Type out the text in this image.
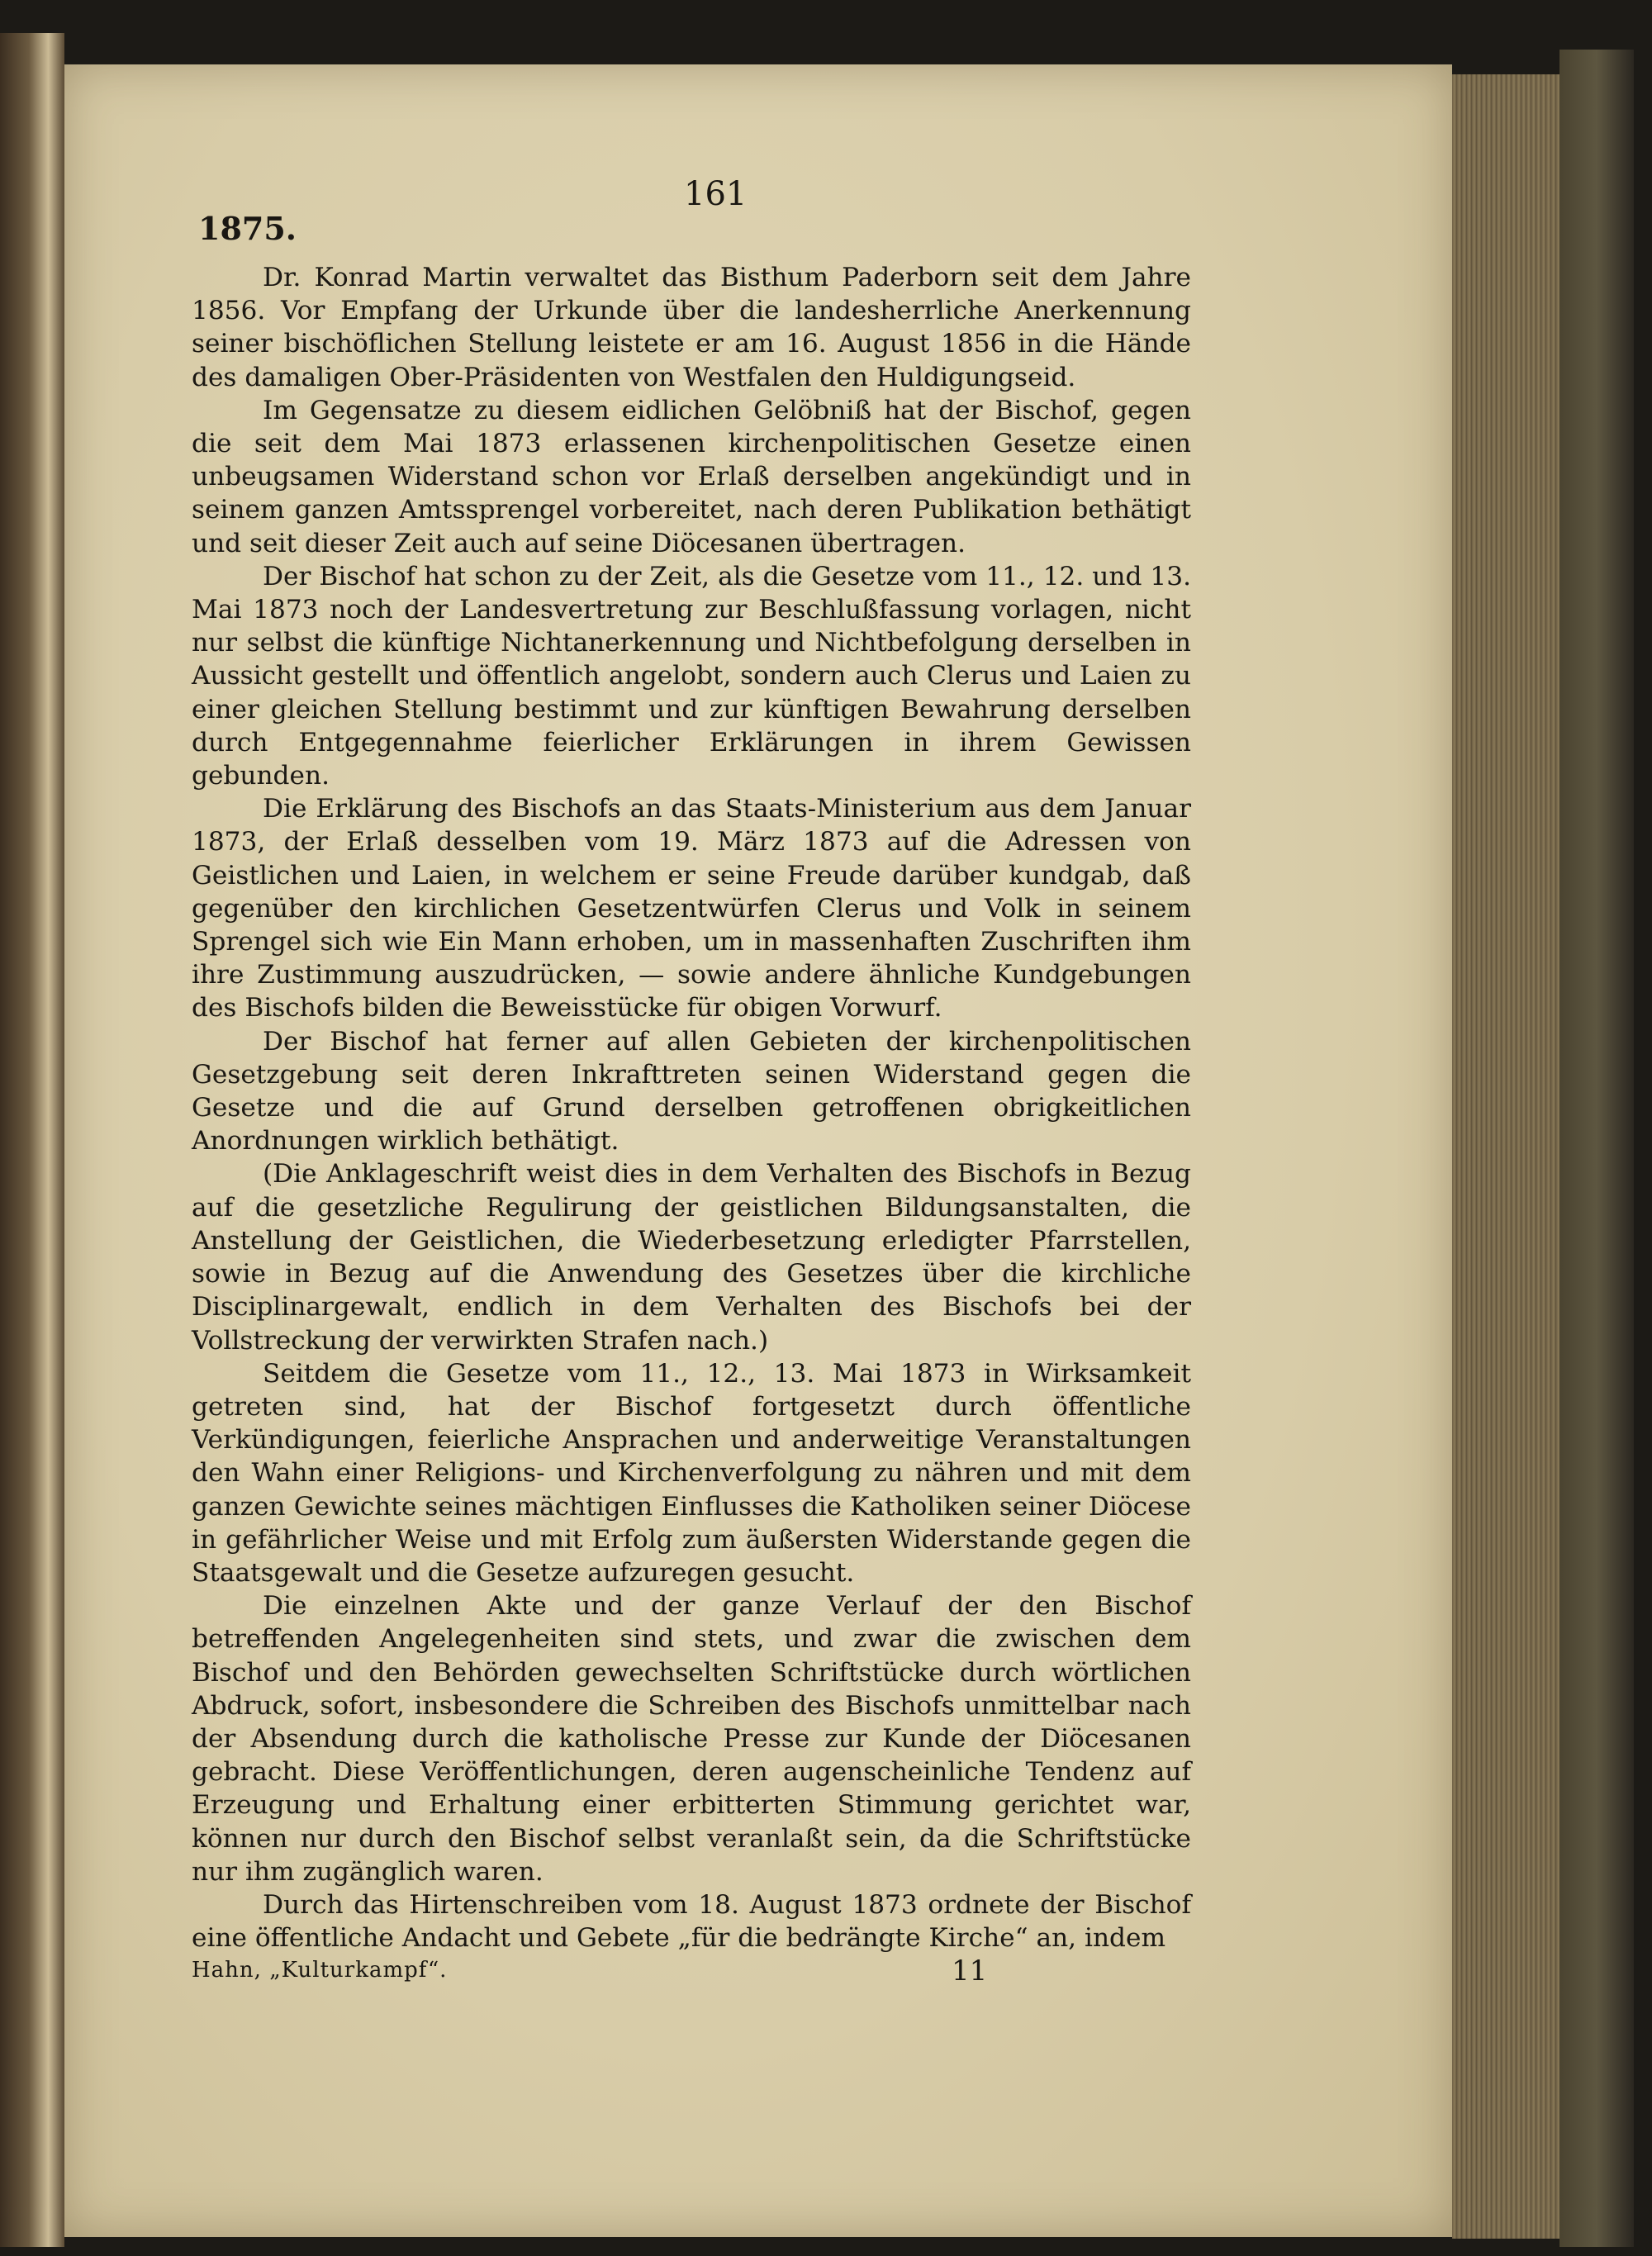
161
1875.

Dr. Konrad Martin verwaltet das Bisthum Paderborn seit dem Jahre 1856. Vor Empfang der Urkunde über die landesherrliche Anerkennung seiner bischöflichen Stellung leistete er am 16. August 1856 in die Hände des damaligen Ober-Präsidenten von Westfalen den Huldigungseid.

Im Gegensatze zu diesem eidlichen Gelöbniß hat der Bischof, gegen die seit dem Mai 1873 erlassenen kirchenpolitischen Gesetze einen unbeugsamen Widerstand schon vor Erlaß derselben angekündigt und in seinem ganzen Amtssprengel vorbereitet, nach deren Publikation bethätigt und seit dieser Zeit auch auf seine Diöcesanen übertragen.

Der Bischof hat schon zu der Zeit, als die Gesetze vom 11., 12. und 13. Mai 1873 noch der Landesvertretung zur Beschlußfassung vorlagen, nicht nur selbst die künftige Nichtanerkennung und Nichtbefolgung derselben in Aussicht gestellt und öffentlich angelobt, sondern auch Clerus und Laien zu einer gleichen Stellung bestimmt und zur künftigen Bewahrung derselben durch Entgegennahme feierlicher Erklärungen in ihrem Gewissen gebunden.

Die Erklärung des Bischofs an das Staats-Ministerium aus dem Januar 1873, der Erlaß desselben vom 19. März 1873 auf die Adressen von Geistlichen und Laien, in welchem er seine Freude darüber kundgab, daß gegenüber den kirchlichen Gesetzentwürfen Clerus und Volk in seinem Sprengel sich wie Ein Mann erhoben, um in massenhaften Zuschriften ihm ihre Zustimmung auszudrücken, — sowie andere ähnliche Kundgebungen des Bischofs bilden die Beweisstücke für obigen Vorwurf.

Der Bischof hat ferner auf allen Gebieten der kirchenpolitischen Gesetzgebung seit deren Inkrafttreten seinen Widerstand gegen die Gesetze und die auf Grund derselben getroffenen obrigkeitlichen Anordnungen wirklich bethätigt.

(Die Anklageschrift weist dies in dem Verhalten des Bischofs in Bezug auf die gesetzliche Regulirung der geistlichen Bildungsanstalten, die Anstellung der Geistlichen, die Wiederbesetzung erledigter Pfarrstellen, sowie in Bezug auf die Anwendung des Gesetzes über die kirchliche Disciplinargewalt, endlich in dem Verhalten des Bischofs bei der Vollstreckung der verwirkten Strafen nach.)

Seitdem die Gesetze vom 11., 12., 13. Mai 1873 in Wirksamkeit getreten sind, hat der Bischof fortgesetzt durch öffentliche Verkündigungen, feierliche Ansprachen und anderweitige Veranstaltungen den Wahn einer Religions- und Kirchenverfolgung zu nähren und mit dem ganzen Gewichte seines mächtigen Einflusses die Katholiken seiner Diöcese in gefährlicher Weise und mit Erfolg zum äußersten Widerstande gegen die Staatsgewalt und die Gesetze aufzuregen gesucht.

Die einzelnen Akte und der ganze Verlauf der den Bischof betreffenden Angelegenheiten sind stets, und zwar die zwischen dem Bischof und den Behörden gewechselten Schriftstücke durch wörtlichen Abdruck, sofort, insbesondere die Schreiben des Bischofs unmittelbar nach der Absendung durch die katholische Presse zur Kunde der Diöcesanen gebracht. Diese Veröffentlichungen, deren augenscheinliche Tendenz auf Erzeugung und Erhaltung einer erbitterten Stimmung gerichtet war, können nur durch den Bischof selbst veranlaßt sein, da die Schriftstücke nur ihm zugänglich waren.

Durch das Hirtenschreiben vom 18. August 1873 ordnete der Bischof eine öffentliche Andacht und Gebete „für die bedrängte Kirche“ an, indem

Hahn, „Kulturkampf“.	11
